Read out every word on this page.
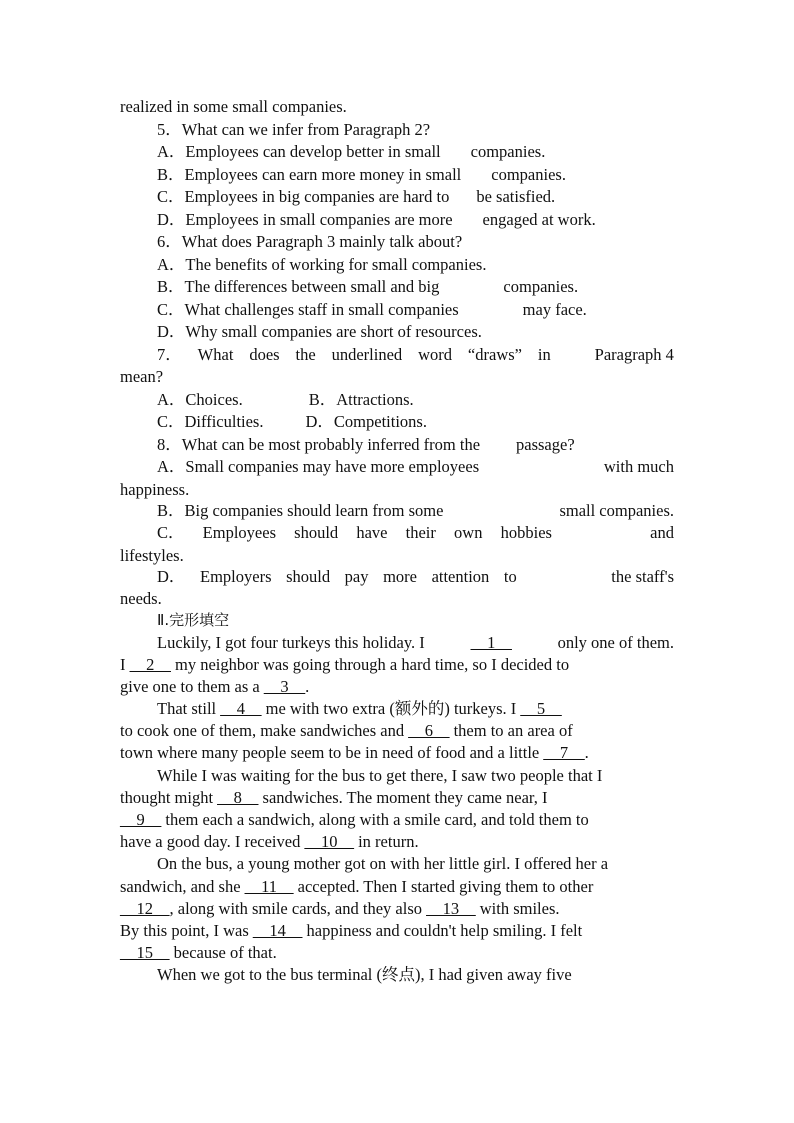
realized in some small companies.
5．What can we infer from Paragraph 2?
A．Employees can develop better in small companies.
B．Employees can earn more money in small companies.
C．Employees in big companies are hard to be satisfied.
D．Employees in small companies are more engaged at work.
6．What does Paragraph 3 mainly talk about?
A．The benefits of working for small companies.
B．The differences between small and big	companies.
C．What challenges staff in small companies	may face.
D．Why small companies are short of resources.
7． What does the underlined word “draws” in	Paragraph 4
mean?
A．Choices.	B．Attractions.
C．Difficulties.	D．Competitions.
8．What can be most probably inferred from the passage?
A．Small companies may have more employees	with much
happiness.
B．Big companies should learn from some	small companies.
C． Employees should have their own hobbies	and
lifestyles.
D． Employers should pay more attention to	the staff's
needs.
Ⅱ.完形填空
Luckily, I got four turkeys this holiday. I	__1__	only one of them.
I __2__ my neighbor was going through a hard time, so I decided to
give one to them as a __3__.
That still __4__ me with two extra (额外的) turkeys. I __5__
to cook one of them, make sandwiches and __6__ them to an area of
town where many people seem to be in need of food and a little __7__.
While I was waiting for the bus to get there, I saw two people that I
thought might __8__ sandwiches. The moment they came near, I
__9__ them each a sandwich, along with a smile card, and told them to
have a good day. I received __10__ in return.
On the bus, a young mother got on with her little girl. I offered her a
sandwich, and she __11__ accepted. Then I started giving them to other
__12__, along with smile cards, and they also __13__ with smiles.
By this point, I was __14__ happiness and couldn't help smiling. I felt
__15__ because of that.
When we got to the bus terminal (终点), I had given away five
